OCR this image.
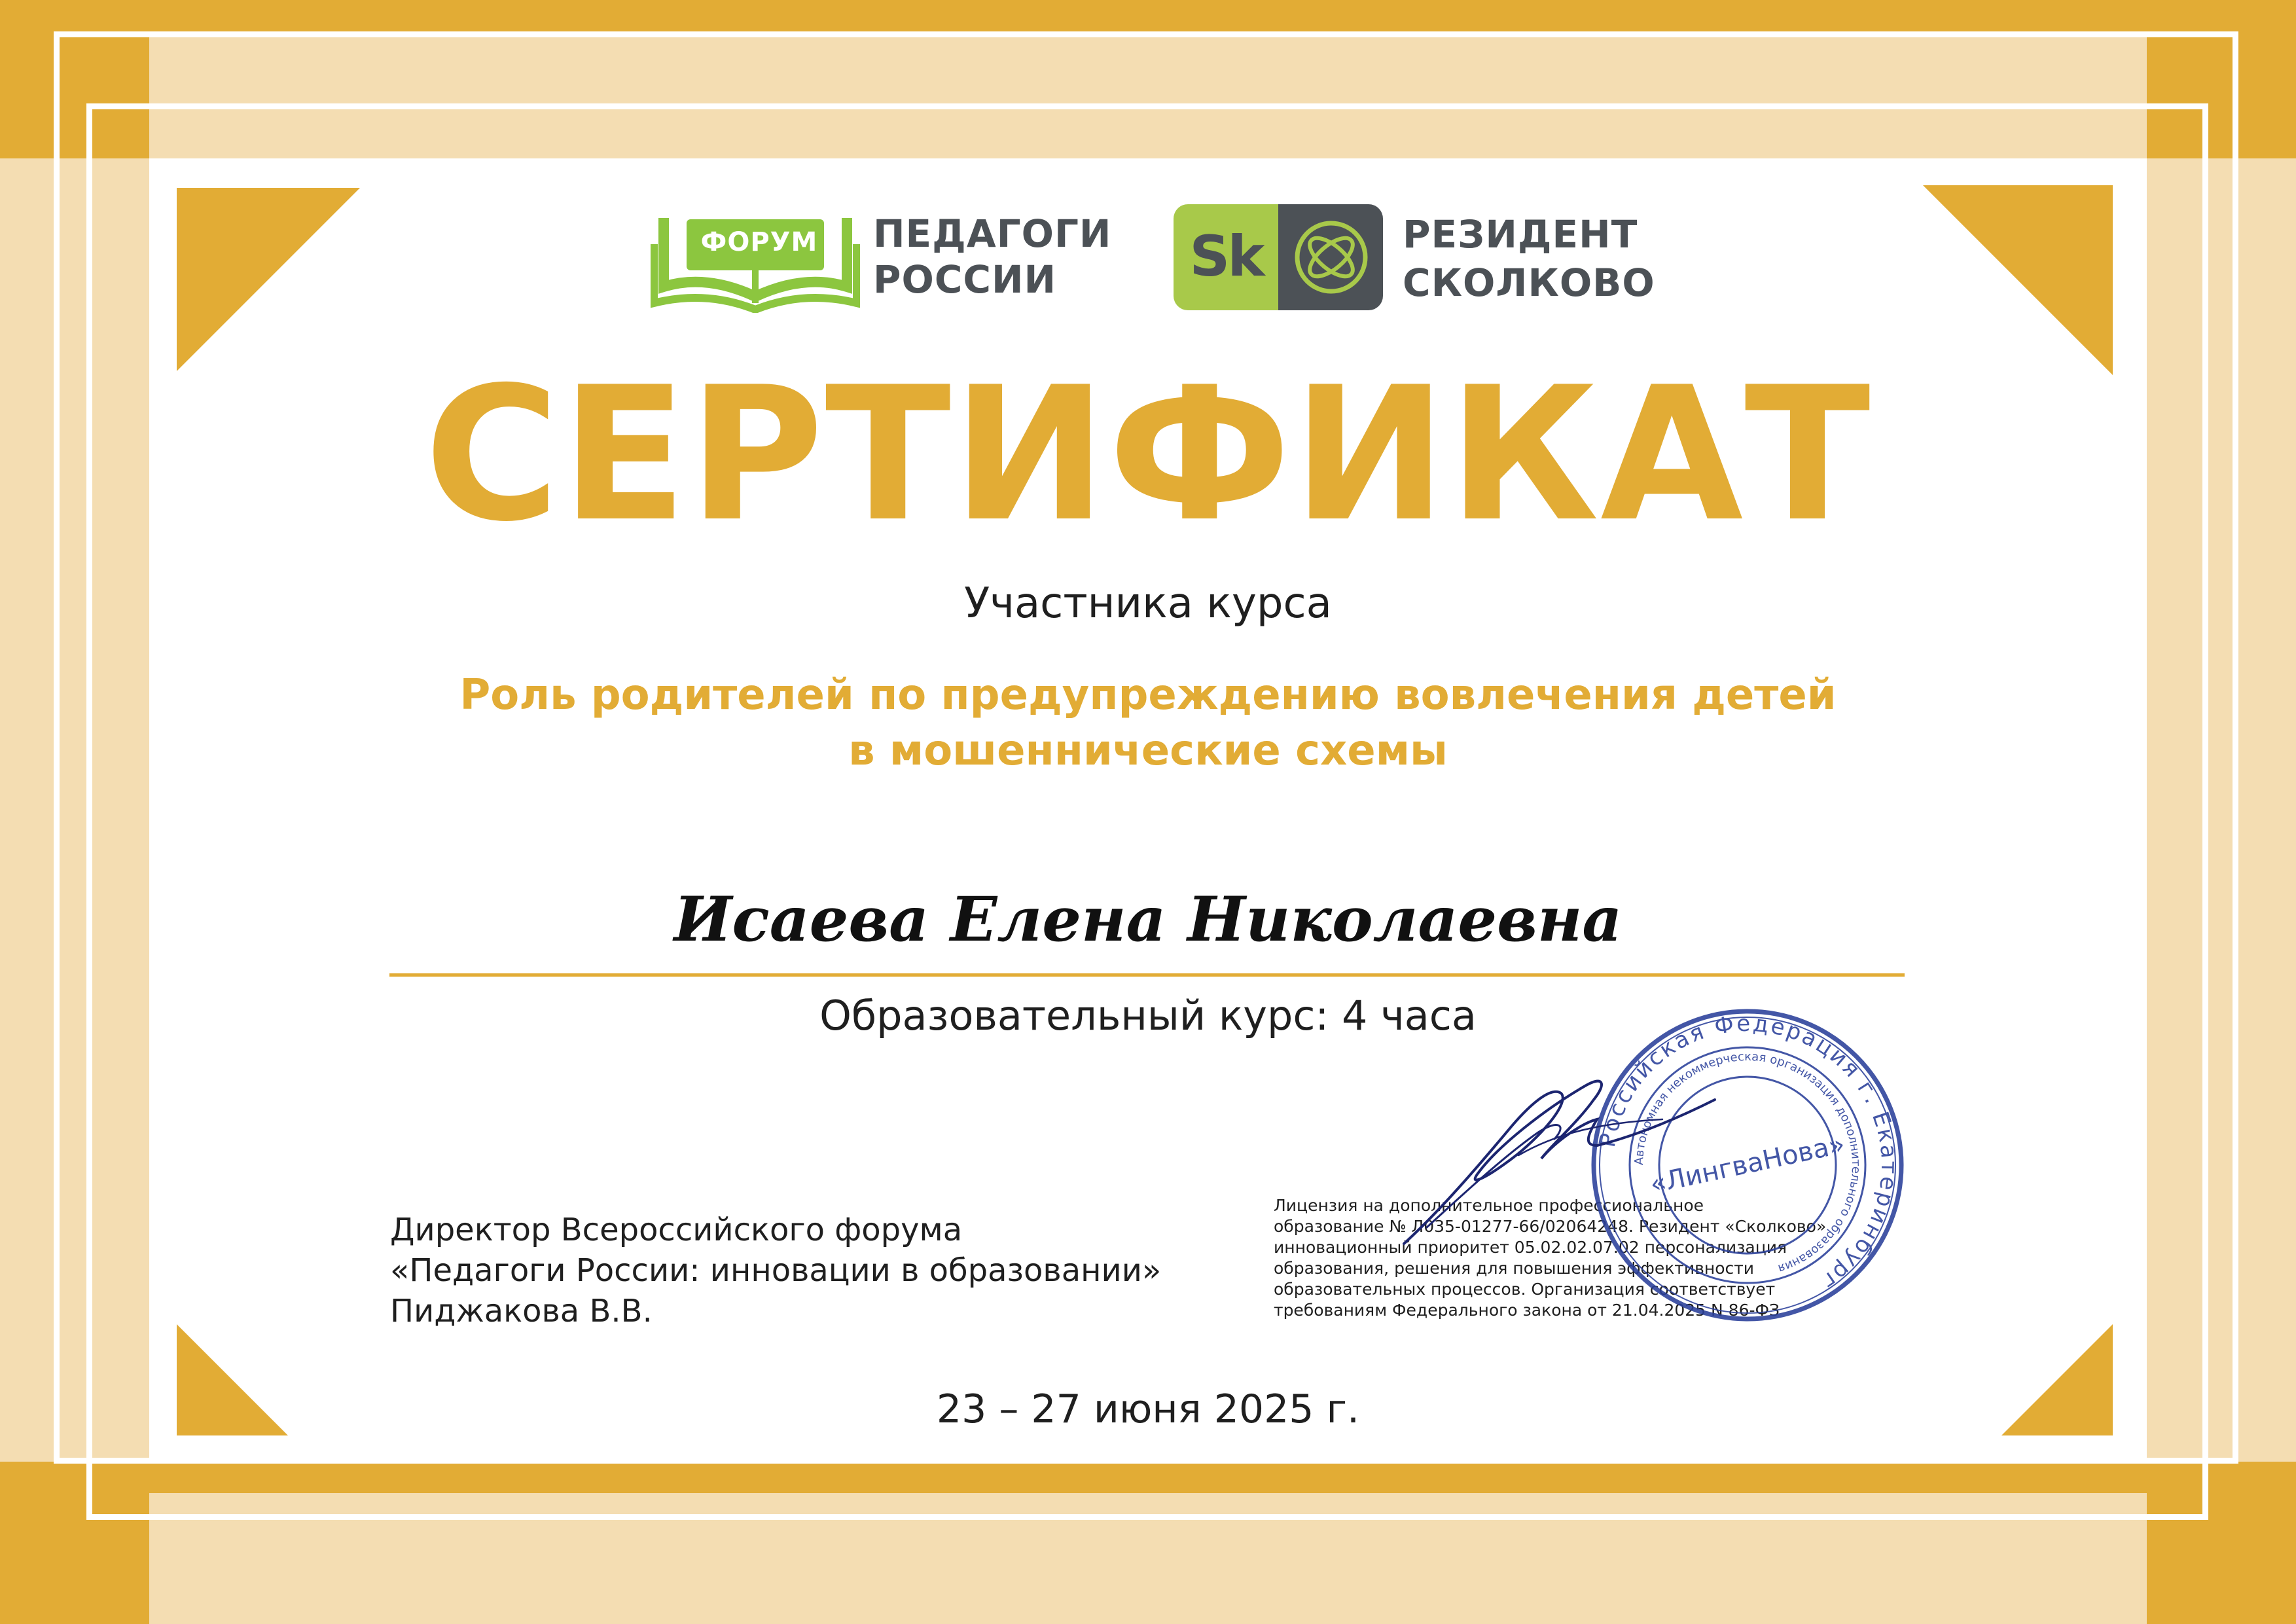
ФОРУМ ПЕДАГОГИ
РОССИИ Sk	РЕЗИДЕНТ
СКОЛКОВО
СЕРТИФИКАТ
Участника курса
Роль родителей по предупреждению вовлечения детей
в мошеннические схемы
Исаева Елена Николаевна
Образовательный курс: 4 часа
Директор Всероссийского форума
«Педагоги России: инновации в образовании»
Пиджакова В.В.
Лицензия на дополнительное профессиональное
образование № Л035-01277-66/02064248. Резидент «Сколково»
инновационный приоритет 05.02.02.07.02 персонализация
образования, решения для повышения эффективности
образовательных процессов. Организация соответствует
требованиям Федерального закона от 21.04.2025 N 86-ФЗ
Российская Федерация г. Екатеринбург
Автономная некоммерческая организация дополнительного образования
«ЛингваНова»
23 – 27 июня 2025 г.
